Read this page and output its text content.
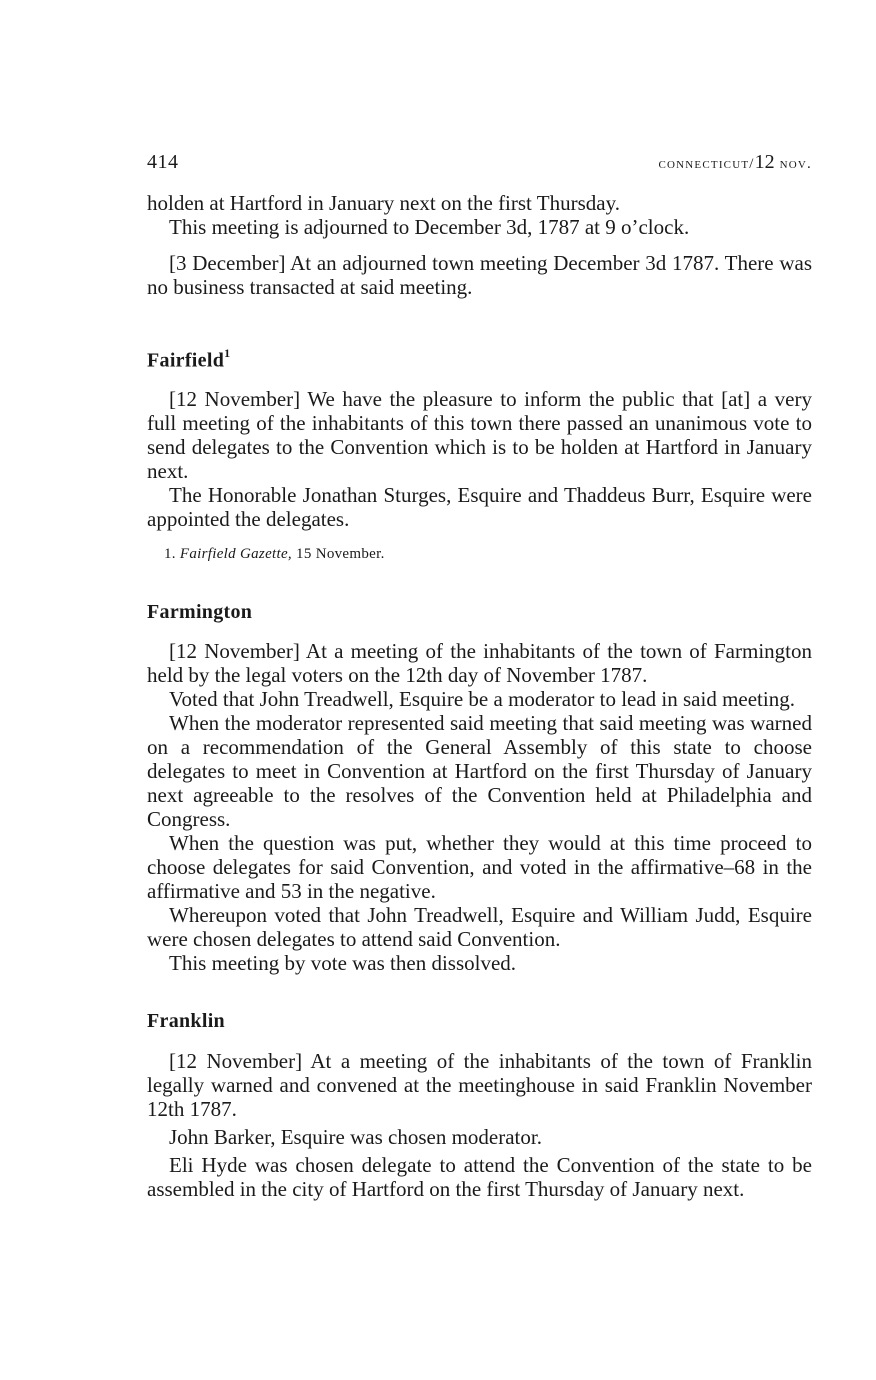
414	connecticut/12 nov.

holden at Hartford in January next on the first Thursday.

This meeting is adjourned to December 3d, 1787 at 9 o’clock.

[3 December] At an adjourned town meeting December 3d 1787. There was no business transacted at said meeting.

Fairfield$^1$

[12 November] We have the pleasure to inform the public that [at] a very full meeting of the inhabitants of this town there passed an unanimous vote to send delegates to the Convention which is to be holden at Hartford in January next.

The Honorable Jonathan Sturges, Esquire and Thaddeus Burr, Esquire were appointed the delegates.

1. Fairfield Gazette, 15 November.
Farmington

[12 November] At a meeting of the inhabitants of the town of Farmington held by the legal voters on the 12th day of November 1787.

Voted that John Treadwell, Esquire be a moderator to lead in said meeting.

When the moderator represented said meeting that said meeting was warned on a recommendation of the General Assembly of this state to choose delegates to meet in Convention at Hartford on the first Thursday of January next agreeable to the resolves of the Convention held at Philadelphia and Congress.

When the question was put, whether they would at this time proceed to choose delegates for said Convention, and voted in the affirmative–68 in the affirmative and 53 in the negative.

Whereupon voted that John Treadwell, Esquire and William Judd, Esquire were chosen delegates to attend said Convention.

This meeting by vote was then dissolved.

Franklin

[12 November] At a meeting of the inhabitants of the town of Franklin legally warned and convened at the meetinghouse in said Franklin November 12th 1787.

John Barker, Esquire was chosen moderator.

Eli Hyde was chosen delegate to attend the Convention of the state to be assembled in the city of Hartford on the first Thursday of January next.
